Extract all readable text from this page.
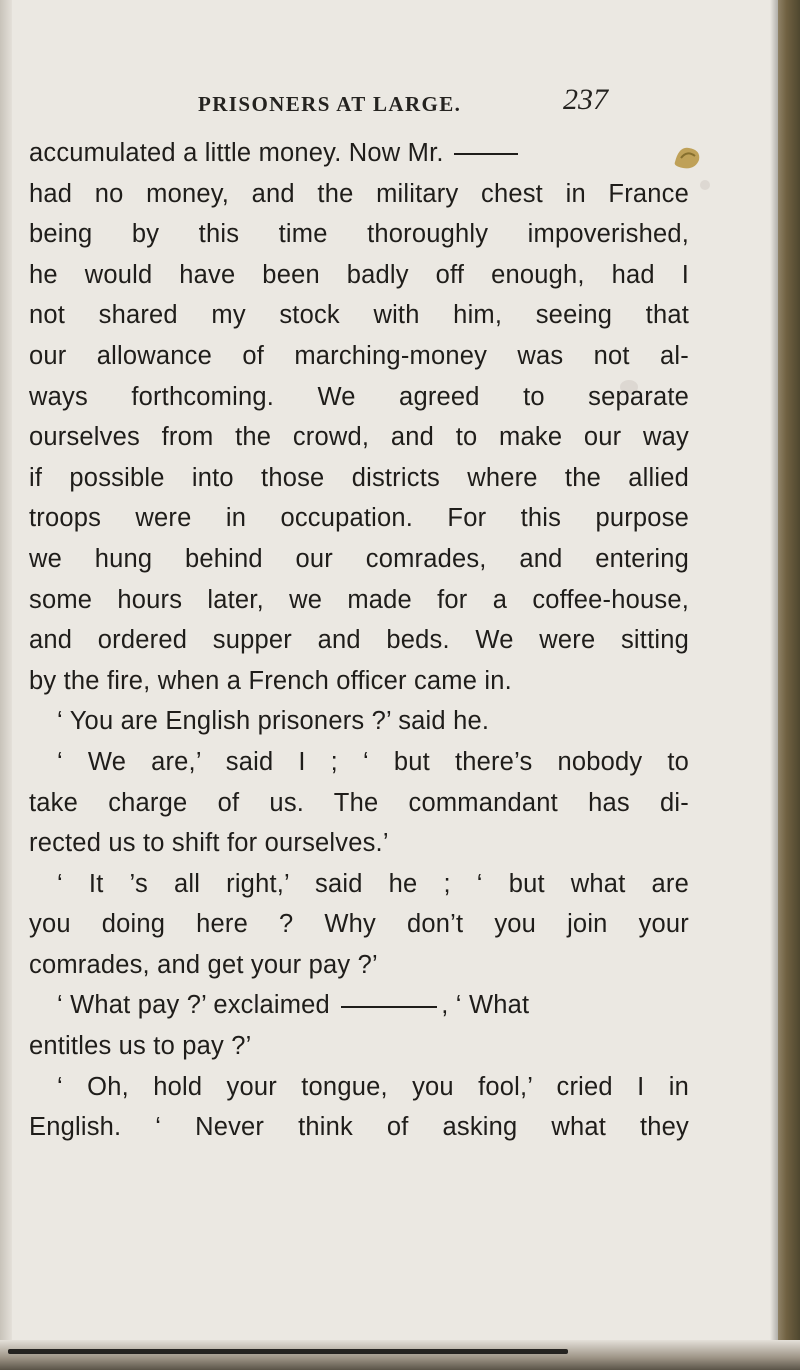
PRISONERS AT LARGE.	237
accumulated a little money. Now Mr.
had no money, and the military chest in France
being by this time thoroughly impoverished,
he would have been badly off enough, had I
not shared my stock with him, seeing that
our allowance of marching-money was not al-
ways forthcoming. We agreed to separate
ourselves from the crowd, and to make our way
if possible into those districts where the allied
troops were in occupation. For this purpose
we hung behind our comrades, and entering
some hours later, we made for a coffee-house,
and ordered supper and beds. We were sitting
by the fire, when a French officer came in.
‘ You are English prisoners ?’ said he.
‘ We are,’ said I ; ‘ but there’s nobody to
take charge of us. The commandant has di-
rected us to shift for ourselves.’
‘ It ’s all right,’ said he ; ‘ but what are
you doing here ? Why don’t you join your
comrades, and get your pay ?’
‘ What pay ?’ exclaimed	, ‘ What
entitles us to pay ?’
‘ Oh, hold your tongue, you fool,’ cried I in
English. ‘ Never think of asking what they
